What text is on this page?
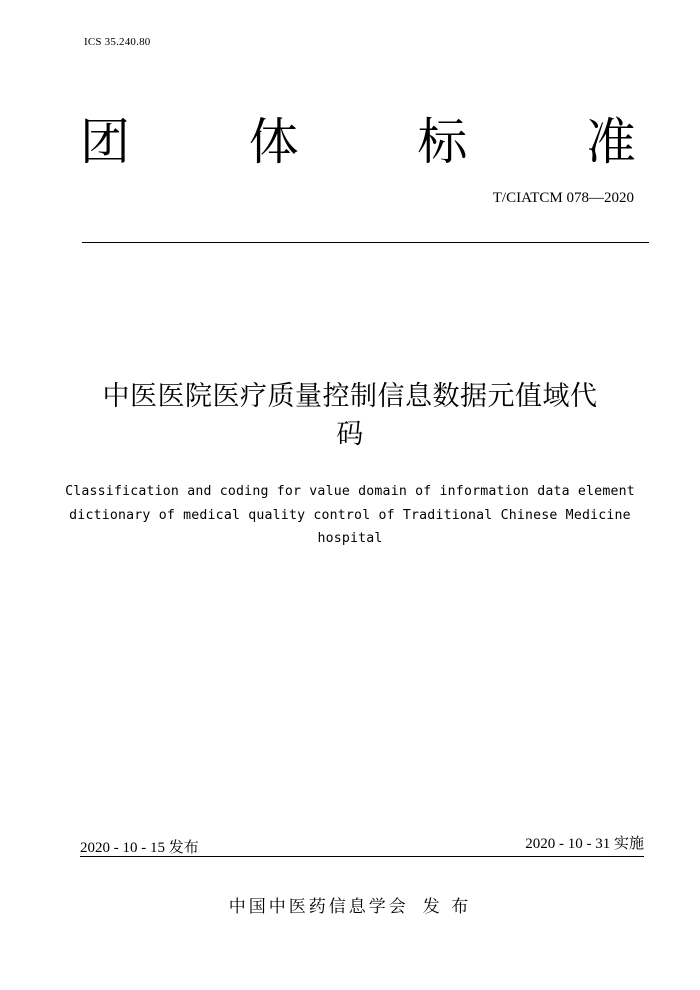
ICS 35.240.80
团 体 标 准
T/CIATCM 078—2020
中医医院医疗质量控制信息数据元值域代
码
Classification and coding for value domain of information data element
dictionary of medical quality control of Traditional Chinese Medicine
hospital
2020 - 10 - 15 发布	2020 - 10 - 31 实施
中国中医药信息学会 发 布
